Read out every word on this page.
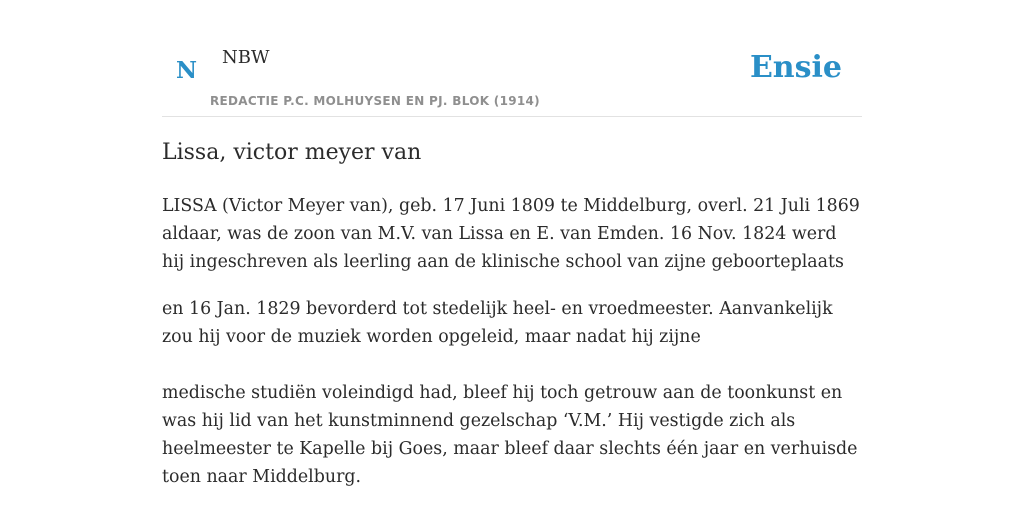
N NBW
REDACTIE P.C. MOLHUYSEN EN PJ. BLOK (1914)
Ensie
Lissa, victor meyer van

LISSA (Victor Meyer van), geb. 17 Juni 1809 te Middelburg, overl. 21 Juli 1869 aldaar, was de zoon van M.V. van Lissa en E. van Emden. 16 Nov. 1824 werd hij ingeschreven als leerling aan de klinische school van zijne geboorteplaats

en 16 Jan. 1829 bevorderd tot stedelijk heel- en vroedmeester. Aanvankelijk zou hij voor de muziek worden opgeleid, maar nadat hij zijne

medische studiën voleindigd had, bleef hij toch getrouw aan de toonkunst en was hij lid van het kunstminnend gezelschap ‘V.M.’ Hij vestigde zich als heelmeester te Kapelle bij Goes, maar bleef daar slechts één jaar en verhuisde toen naar Middelburg.
